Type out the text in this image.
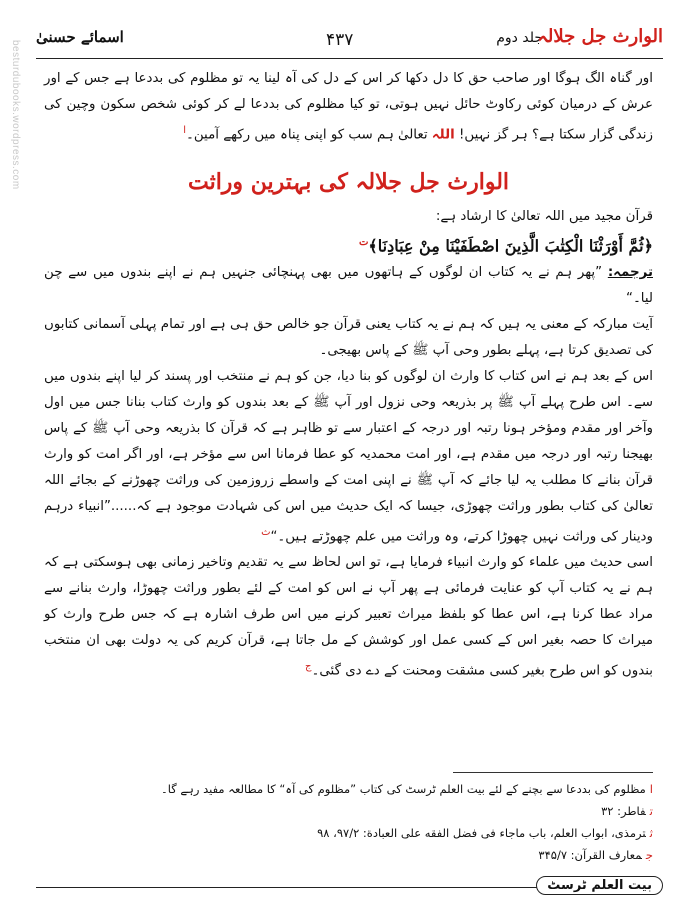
besturdubooks.wordpress.com
اسمائے حسنیٰ	۴۳۷	جلد دوم
الوارث جل جلالہ

اور گناہ الگ ہوگا اور صاحب حق کا دل دکھا کر اس کے دل کی آہ لینا یہ تو مظلوم کی بددعا ہے جس کے اور عرش کے درمیان کوئی رکاوٹ حائل نہیں ہوتی، تو کیا مظلوم کی بددعا لے کر کوئی شخص سکون وچین کی زندگی گزار سکتا ہے؟ ہر گز نہیں! اللہ تعالیٰ ہم سب کو اپنی پناہ میں رکھے آمین۔$^ا$

الوارث جل جلالہ کی بہترین وراثت

قرآن مجید میں اللہ تعالیٰ کا ارشاد ہے:

﴿ثُمَّ أَوْرَثْنَا الْكِتٰبَ الَّذِينَ اصْطَفَيْنَا مِنْ عِبَادِنَا﴾$^ت$

ترجمہ: ”پھر ہم نے یہ کتاب ان لوگوں کے ہاتھوں میں بھی پہنچائی جنہیں ہم نے اپنے بندوں میں سے چن لیا۔“

آیت مبارکہ کے معنی یہ ہیں کہ ہم نے یہ کتاب یعنی قرآن جو خالص حق ہی ہے اور تمام پہلی آسمانی کتابوں کی تصدیق کرتا ہے، پہلے بطور وحی آپ ﷺ کے پاس بھیجی۔

اس کے بعد ہم نے اس کتاب کا وارث ان لوگوں کو بنا دیا، جن کو ہم نے منتخب اور پسند کر لیا اپنے بندوں میں سے۔ اس طرح پہلے آپ ﷺ پر بذریعہ وحی نزول اور آپ ﷺ کے بعد بندوں کو وارث کتاب بنانا جس میں اول وآخر اور مقدم ومؤخر ہونا رتبہ اور درجہ کے اعتبار سے تو ظاہر ہے کہ قرآن کا بذریعہ وحی آپ ﷺ کے پاس بھیجنا رتبہ اور درجہ میں مقدم ہے، اور امت محمدیہ کو عطا فرمانا اس سے مؤخر ہے، اور اگر امت کو وارث قرآن بنانے کا مطلب یہ لیا جائے کہ آپ ﷺ نے اپنی امت کے واسطے زروزمین کی وراثت چھوڑنے کے بجائے اللہ تعالیٰ کی کتاب بطور وراثت چھوڑی، جیسا کہ ایک حدیث میں اس کی شہادت موجود ہے کہ......”انبیاء درہم ودینار کی وراثت نہیں چھوڑا کرتے، وہ وراثت میں علم چھوڑتے ہیں۔“$^ث$

اسی حدیث میں علماء کو وارث انبیاء فرمایا ہے، تو اس لحاظ سے یہ تقدیم وتاخیر زمانی بھی ہوسکتی ہے کہ ہم نے یہ کتاب آپ کو عنایت فرمائی ہے پھر آپ نے اس کو امت کے لئے بطور وراثت چھوڑا، وارث بنانے سے مراد عطا کرنا ہے، اس عطا کو بلفظ میراث تعبیر کرنے میں اس طرف اشارہ ہے کہ جس طرح وارث کو میراث کا حصہ بغیر اس کے کسی عمل اور کوشش کے مل جاتا ہے، قرآن کریم کی یہ دولت بھی ان منتخب بندوں کو اس طرح بغیر کسی مشقت ومحنت کے دے دی گئی۔$^ج$

امظلوم کی بددعا سے بچنے کے لئے بیت العلم ٹرسٹ کی کتاب ”مظلوم کی آہ“ کا مطالعہ مفید رہے گا۔
تفاطر: ۳۲
ثترمذی، ابواب العلم، باب ماجاء فی فضل الفقه على العبادة: ۹۷/۲، ۹۸
جمعارف القرآن: ۳۴۵/۷
بیت العلم ٹرسٹ
